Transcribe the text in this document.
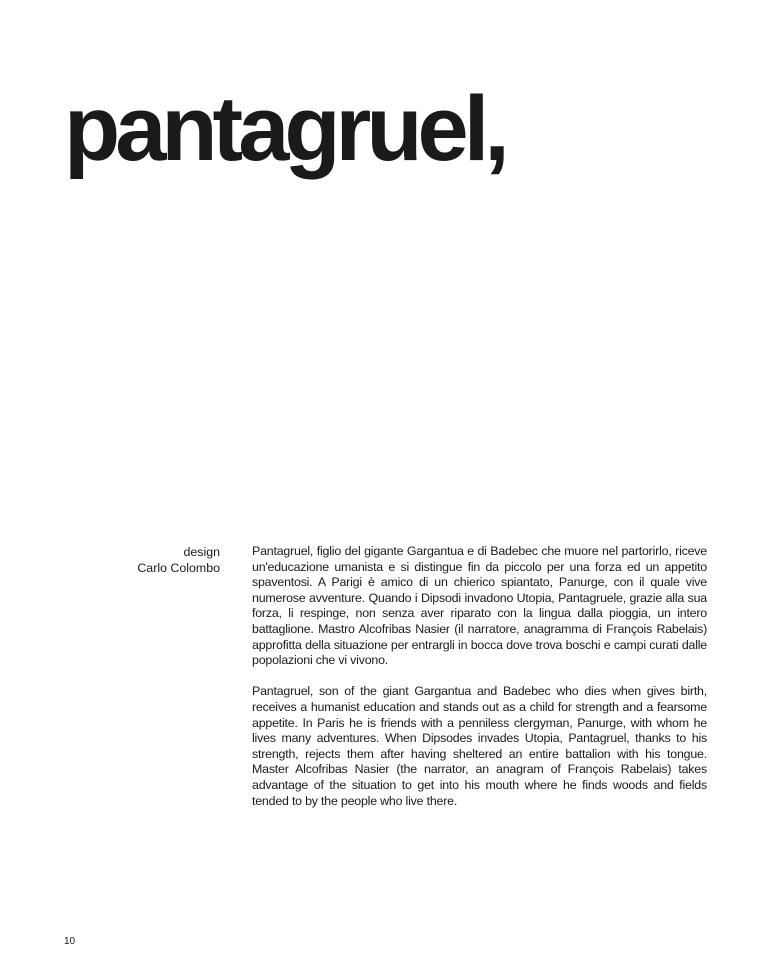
pantagruel,
design
Carlo Colombo

Pantagruel, figlio del gigante Gargantua e di Badebec che muore nel partorirlo, riceve un'educazione umanista e si distingue fin da piccolo per una forza ed un appetito spaventosi. A Parigi è amico di un chierico spiantato, Panurge, con il quale vive numerose avventure. Quando i Dipsodi invadono Utopia, Pantagruele, grazie alla sua forza, li respinge, non senza aver riparato con la lingua dalla pioggia, un intero battaglione. Mastro Alcofribas Nasier (il narratore, anagramma di François Rabelais) approfitta della situazione per entrargli in bocca dove trova boschi e campi curati dalle popolazioni che vi vivono.

Pantagruel, son of the giant Gargantua and Badebec who dies when gives birth, receives a humanist education and stands out as a child for strength and a fearsome appetite. In Paris he is friends with a penniless clergyman, Panurge, with whom he lives many adventures. When Dipsodes invades Utopia, Pantagruel, thanks to his strength, rejects them after having sheltered an entire battalion with his tongue. Master Alcofribas Nasier (the narrator, an anagram of François Rabelais) takes advantage of the situation to get into his mouth where he finds woods and fields tended to by the people who live there.

10
